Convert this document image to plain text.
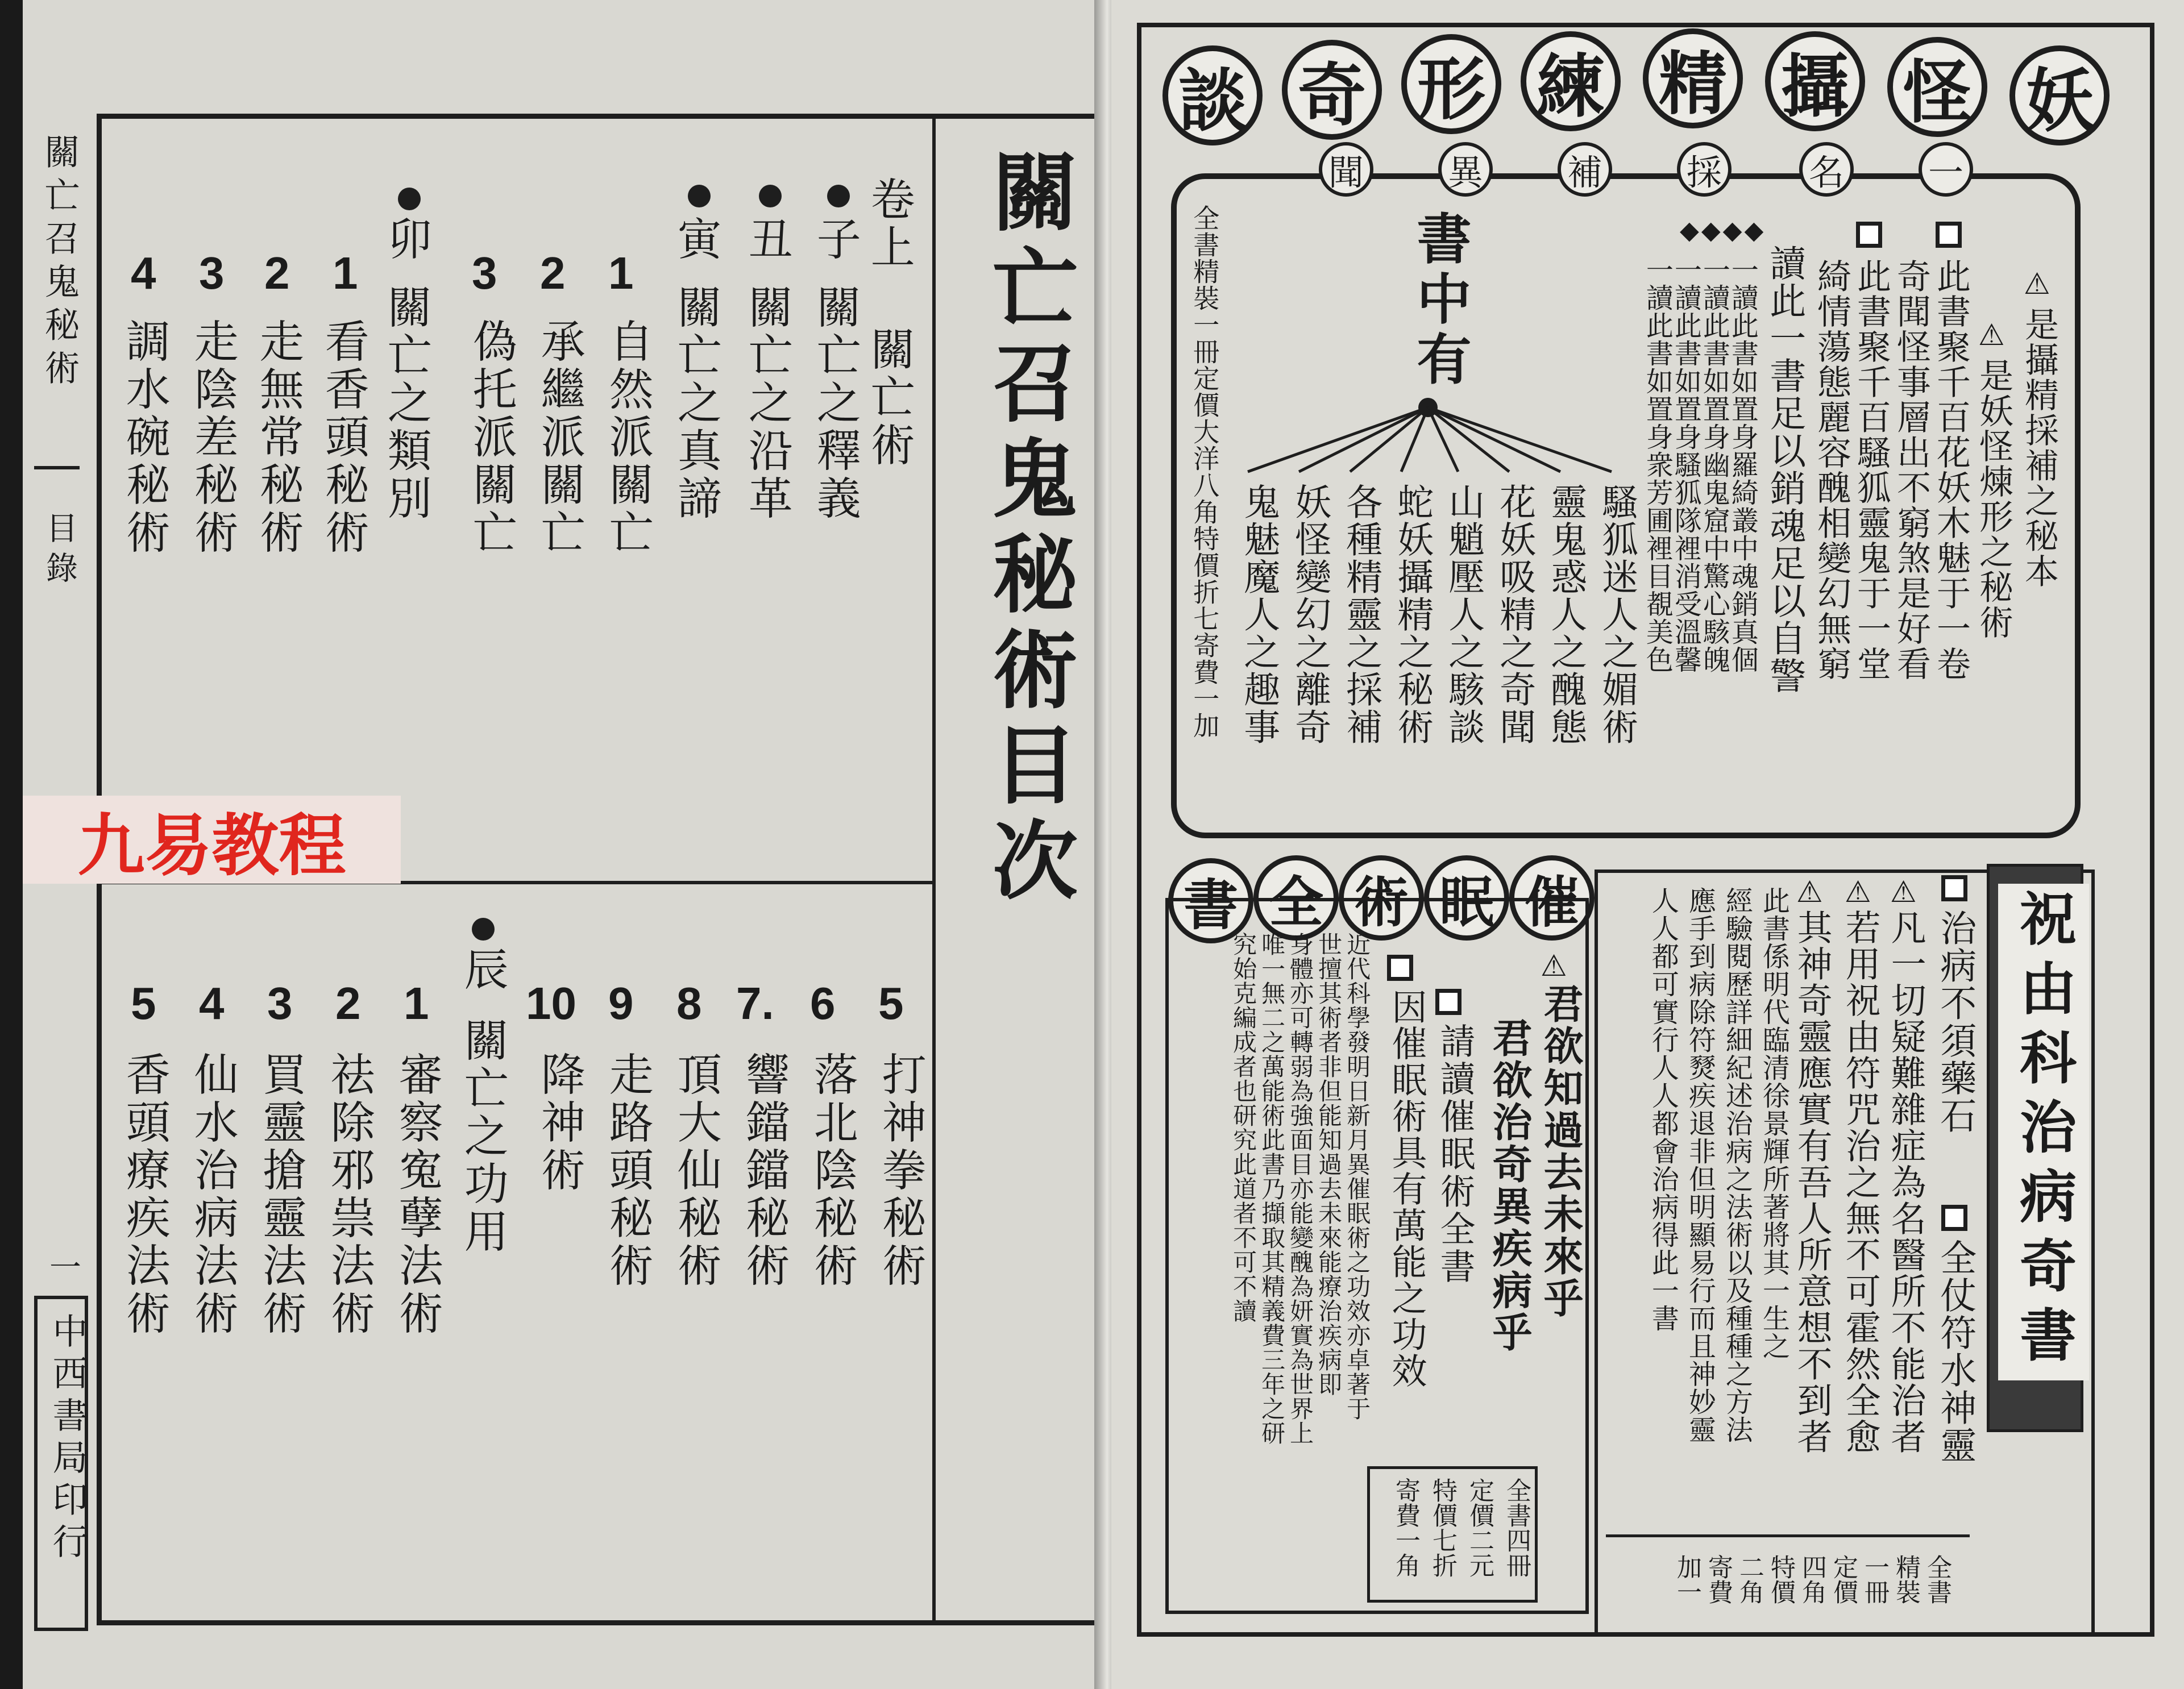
關亡召鬼秘術
目錄
一
中西書局印行
關亡召鬼秘術目次
卷上 關亡術
子
關亡之釋義
丑
關亡之沿革
寅
關亡之真諦
1
自然派關亡
2
承繼派關亡
3
偽托派關亡
卯
關亡之類別
1
看香頭秘術
2
走無常秘術
3
走陰差秘術
4
調水碗秘術
5
打神拳秘術
6
落北陰秘術
7.
響鐺鐺秘術
8
頂大仙秘術
9
走路頭秘術
10
降神術
辰
關亡之功用
1
審察寃孽法術
2
祛除邪祟法術
3
買靈搶靈法術
4
仙水治病法術
5
香頭療疾法術
九易教程
談 奇 形 練 精 攝 怪 妖
聞 異 補 採 名 一
⚠
是攝精採補之秘本
⚠
是妖怪煉形之秘術
此書聚千百花妖木魅于一卷
奇聞怪事層出不窮煞是好看
此書聚千百騷狐靈鬼于一堂
綺情蕩態麗容醜相變幻無窮
◆◆◆◆
讀此一書足以銷魂足以自警
一讀此書如置身羅綺叢中魂銷真個
一讀此書如置身幽鬼窟中驚心駭魄
一讀此書如置身騷狐隊裡消受溫馨
一讀此書如置身衆芳圃裡目覩美色
書中有
騷狐迷人之媚術
靈鬼惑人之醜態
花妖吸精之奇聞
山魈壓人之駭談
蛇妖攝精之秘術
各種精靈之採補
妖怪變幻之離奇
鬼魅魔人之趣事
全書精裝一冊定價大洋八角特價折七寄費一加
書 全 術 眠 催
⚠
君欲知過去未來乎
君欲治奇異疾病乎
請讀催眠術全書
因催眠術具有萬能之功效
近代科學發明日新月異催眠術之功效亦卓著于
世擅其術者非但能知過去未來能療治疾病即
身體亦可轉弱為強面目亦能變醜為妍實為世界上
唯一無二之萬能術此書乃擷取其精義費三年之研
究始克編成者也研究此道者不可不讀
全書四冊
定價二元
特價七折
寄費一角
祝由科治病奇書
治病不須藥石
全仗符水神靈
⚠
凡一切疑難雜症為名醫所不能治者
⚠
若用祝由符咒治之無不可霍然全愈
⚠
其神奇靈應實有吾人所意想不到者
此書係明代臨清徐景輝所著將其一生之
經驗閱歷詳細紀述治病之法術以及種種之方法
應手到病除符燹疾退非但明顯易行而且神妙靈
人人都可實行人人都會治病得此一書
全書
精裝
一冊
定價
四角
特價
二角
寄費
加一
